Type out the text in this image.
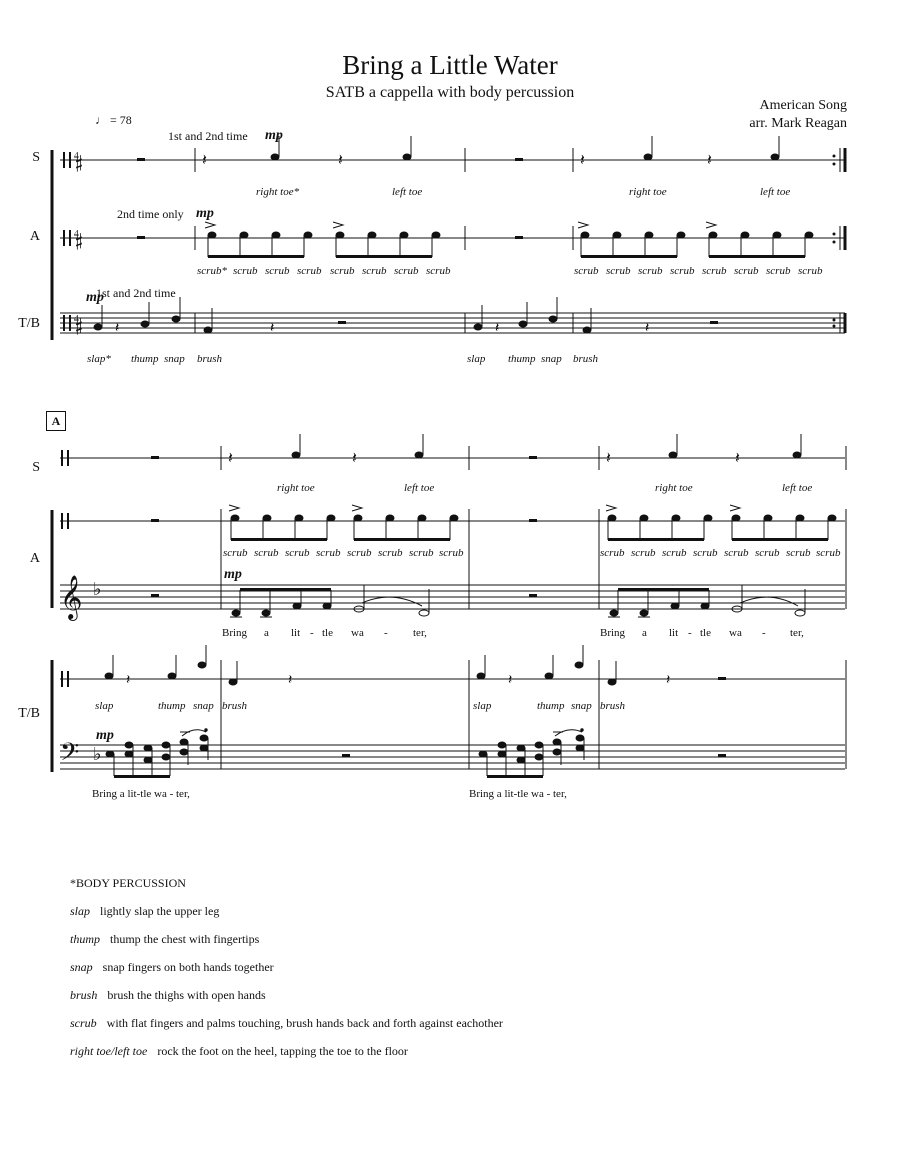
Bring a Little Water
SATB a cappella with body percussion
American Song
arr. Mark Reagan
♩ = 78
𝄲
𝄲
𝄲
𝄽	𝄽	𝄽	𝄽
𝄽	𝄽	𝄽	𝄽
𝄞
𝄢
♭
♭
𝄽	𝄽	𝄽	𝄽
𝄽	𝄽	𝄽	𝄽
S
A
T/B
S
A
T/B
1st and 2nd time mp
2nd time only mp
1st and 2nd time
mp
right toe*	left toe	right toe	left toe
scrub* scrub scrub scrub scrub scrub scrub scrub	scrub scrub scrub scrub scrub scrub scrub scrub
slap* thump snap brush	slap thump snap brush
A
right toe	left toe	right toe	left toe
scrub scrub scrub scrub scrub scrub scrub scrub	scrub scrub scrub scrub scrub scrub scrub scrub
mp
Bring a lit - tle wa - ter,	Bring a lit - tle wa - ter,
slap	thump snap brush	slap	thump snap brush
mp
Bring a lit-tle wa - ter,	Bring a lit-tle wa - ter,
*BODY PERCUSSION
slap lightly slap the upper leg
thump thump the chest with fingertips
snap snap fingers on both hands together
brush brush the thighs with open hands
scrub with flat fingers and palms touching, brush hands back and forth against eachother
right toe/left toe rock the foot on the heel, tapping the toe to the floor
